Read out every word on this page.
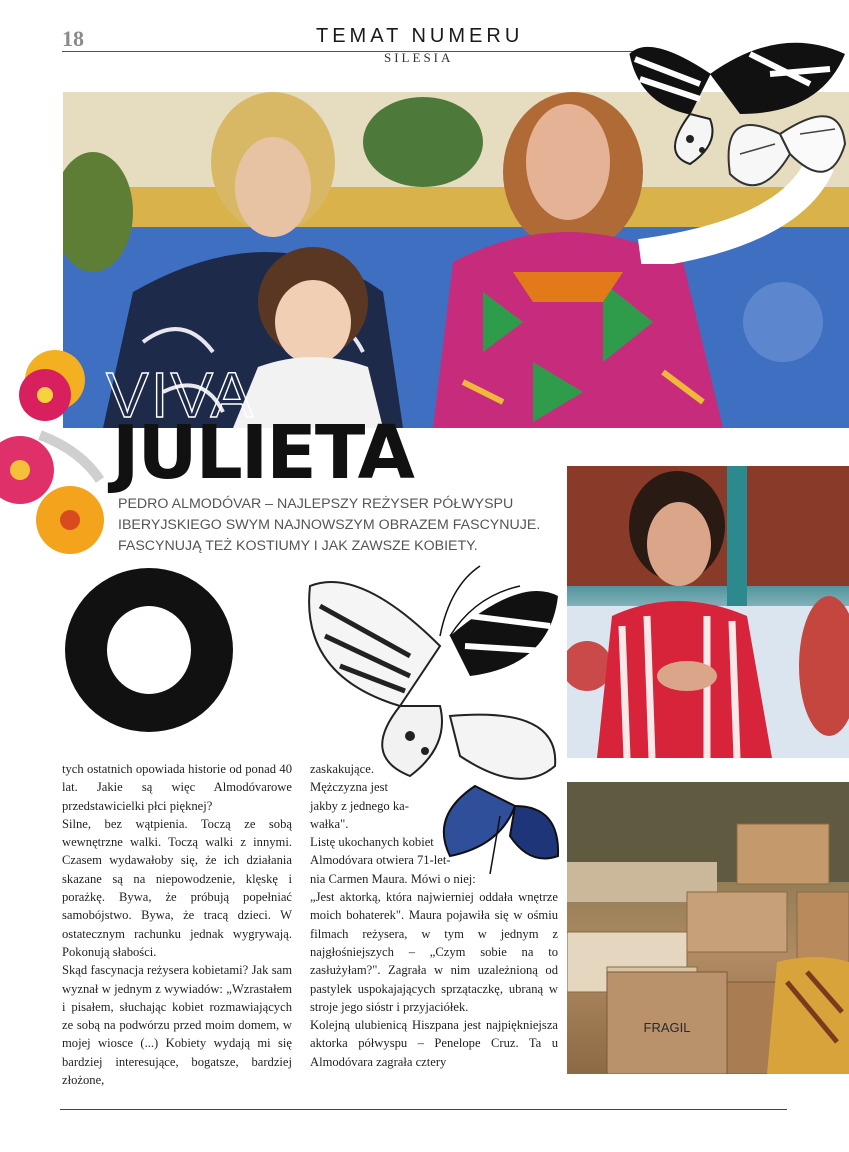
18	TEMAT NUMERU
SILESIA
VIVA
JULIETA
PEDRO ALMODÓVAR – NAJLEPSZY REŻYSER PÓŁWYSPU IBERYJSKIEGO SWYM NAJNOWSZYM OBRAZEM FASCYNUJE. FASCYNUJĄ TEŻ KOSTIUMY I JAK ZAWSZE KOBIETY.
FRAGIL

tych ostatnich opowiada historie od ponad 40 lat. Jakie są więc Almodóvarowe przedstawicielki płci pięknej?

Silne, bez wątpienia. Toczą ze sobą wewnętrzne walki. Toczą walki z innymi. Czasem wydawałoby się, że ich działania skazane są na niepowodzenie, klęskę i porażkę. Bywa, że próbują popełniać samobójstwo. Bywa, że tracą dzieci. W ostatecznym rachunku jednak wygrywają. Pokonują słabości.

Skąd fascynacja reżysera kobietami? Jak sam wyznał w jednym z wywiadów: „Wzrastałem i pisałem, słuchając kobiet rozmawiających ze sobą na podwórzu przed moim domem, w mojej wiosce (...) Kobiety wydają mi się bardziej interesujące, bogatsze, bardziej złożone,

zaskakujące.

Mężczyzna jest

jakby z jednego ka-

wałka".

Listę ukochanych kobiet

Almodóvara otwiera 71-let-

nia Carmen Maura. Mówi o niej:

„Jest aktorką, która najwierniej oddała wnętrze moich bohaterek". Maura pojawiła się w ośmiu filmach reżysera, w tym w jednym z najgłośniejszych – „Czym sobie na to zasłużyłam?". Zagrała w nim uzależnioną od pastylek uspokajających sprzątaczkę, ubraną w stroje jego sióstr i przyjaciółek.

Kolejną ulubienicą Hiszpana jest najpiękniejsza aktorka półwyspu – Penelope Cruz. Ta u Almodóvara zagrała cztery
